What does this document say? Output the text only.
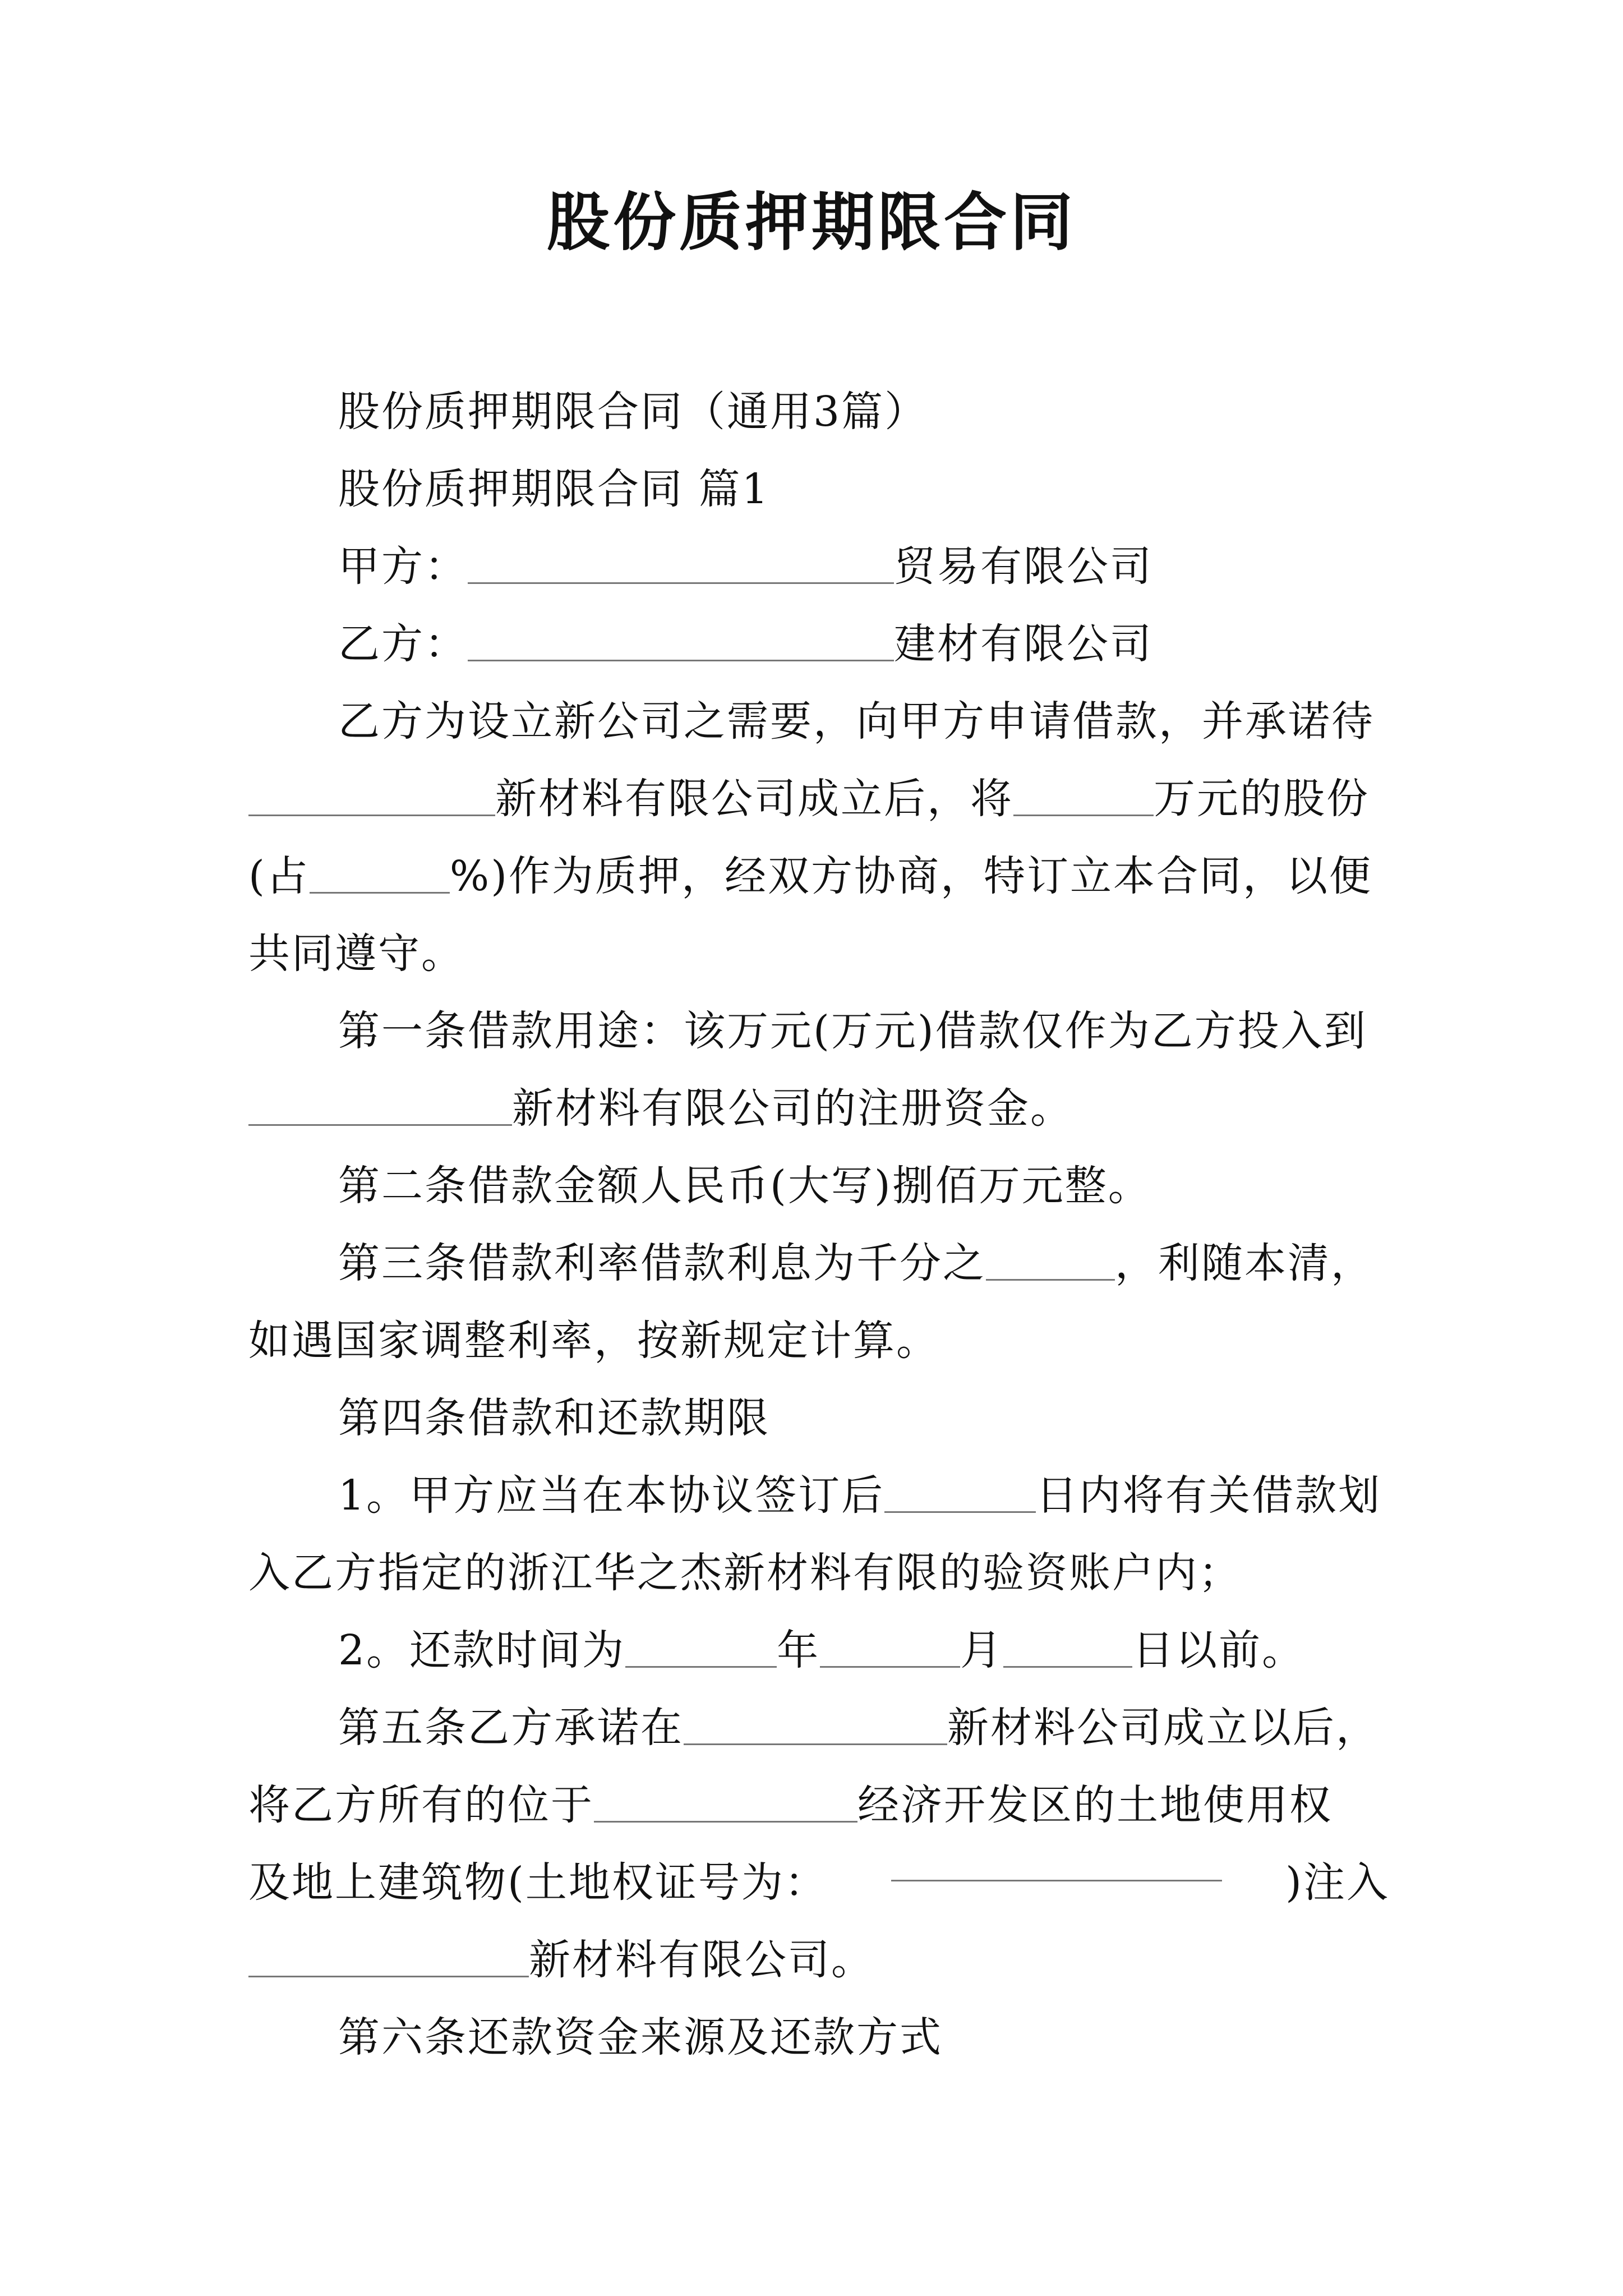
股份质押期限合同

股份质押期限合同（通用3篇）

股份质押期限合同 篇1

甲方：	贸易有限公司

乙方：	建材有限公司

乙方为设立新公司之需要，向甲方申请借款，并承诺待新材料有限公司成立后，将	万元的股份(占	%)作为质押，经双方协商，特订立本合同，以便共同遵守。

第一条借款用途：该万元(万元)借款仅作为乙方投入到新材料有限公司的注册资金。

第二条借款金额人民币(大写)捌佰万元整。

第三条借款利率借款利息为千分之	，利随本清，如遇国家调整利率，按新规定计算。

第四条借款和还款期限

1。甲方应当在本协议签订后	日内将有关借款划入乙方指定的浙江华之杰新材料有限的验资账户内；

2。还款时间为	年	月	日以前。

第五条乙方承诺在	新材料公司成立以后，将乙方所有的位于	经济开发区的土地使用权

及地上建筑物(土地权证号为：	)注入

新材料有限公司。

第六条还款资金来源及还款方式
